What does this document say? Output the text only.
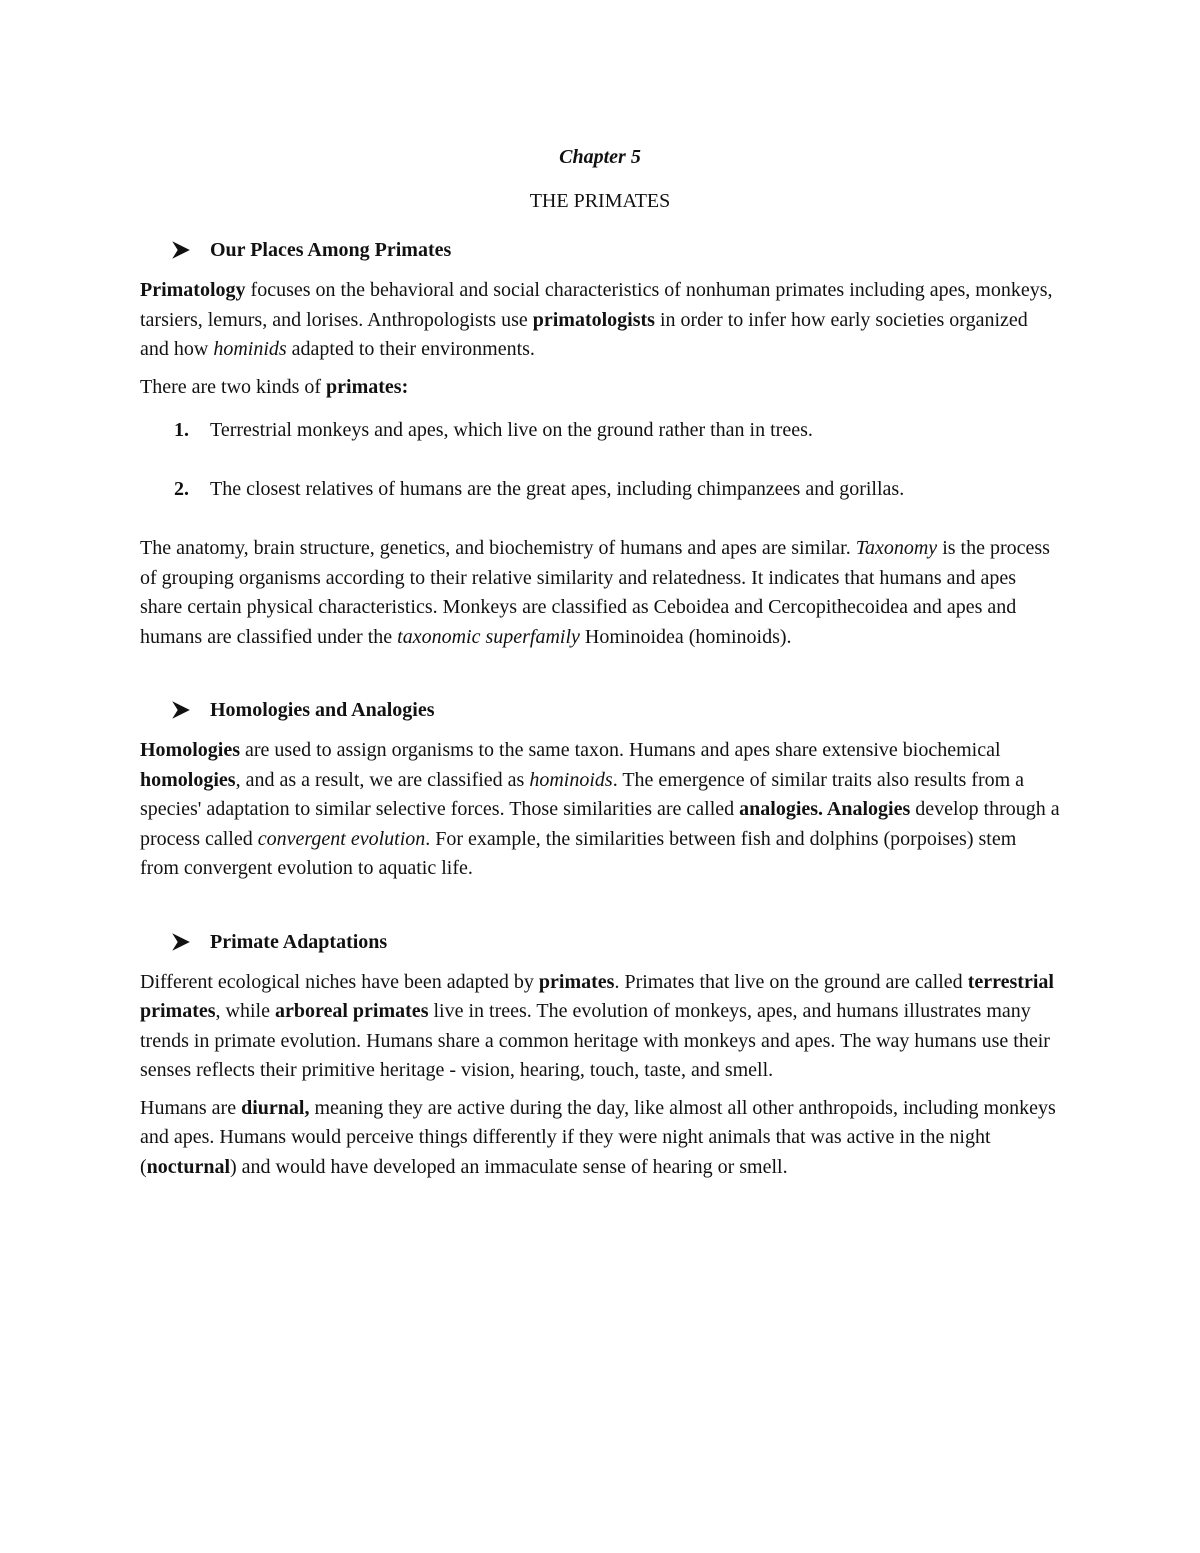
Chapter 5
THE PRIMATES
Our Places Among Primates

Primatology focuses on the behavioral and social characteristics of nonhuman primates including apes, monkeys, tarsiers, lemurs, and lorises. Anthropologists use primatologists in order to infer how early societies organized and how hominids adapted to their environments.

There are two kinds of primates:

1.	Terrestrial monkeys and apes, which live on the ground rather than in trees.
2.	The closest relatives of humans are the great apes, including chimpanzees and gorillas.

The anatomy, brain structure, genetics, and biochemistry of humans and apes are similar. Taxonomy is the process of grouping organisms according to their relative similarity and relatedness. It indicates that humans and apes share certain physical characteristics. Monkeys are classified as Ceboidea and Cercopithecoidea and apes and humans are classified under the taxonomic superfamily Hominoidea (hominoids).

Homologies and Analogies

Homologies are used to assign organisms to the same taxon. Humans and apes share extensive biochemical homologies, and as a result, we are classified as hominoids. The emergence of similar traits also results from a species' adaptation to similar selective forces. Those similarities are called analogies. Analogies develop through a process called convergent evolution. For example, the similarities between fish and dolphins (porpoises) stem from convergent evolution to aquatic life.

Primate Adaptations

Different ecological niches have been adapted by primates. Primates that live on the ground are called terrestrial primates, while arboreal primates live in trees. The evolution of monkeys, apes, and humans illustrates many trends in primate evolution. Humans share a common heritage with monkeys and apes. The way humans use their senses reflects their primitive heritage - vision, hearing, touch, taste, and smell.

Humans are diurnal, meaning they are active during the day, like almost all other anthropoids, including monkeys and apes. Humans would perceive things differently if they were night animals that was active in the night (nocturnal) and would have developed an immaculate sense of hearing or smell.
